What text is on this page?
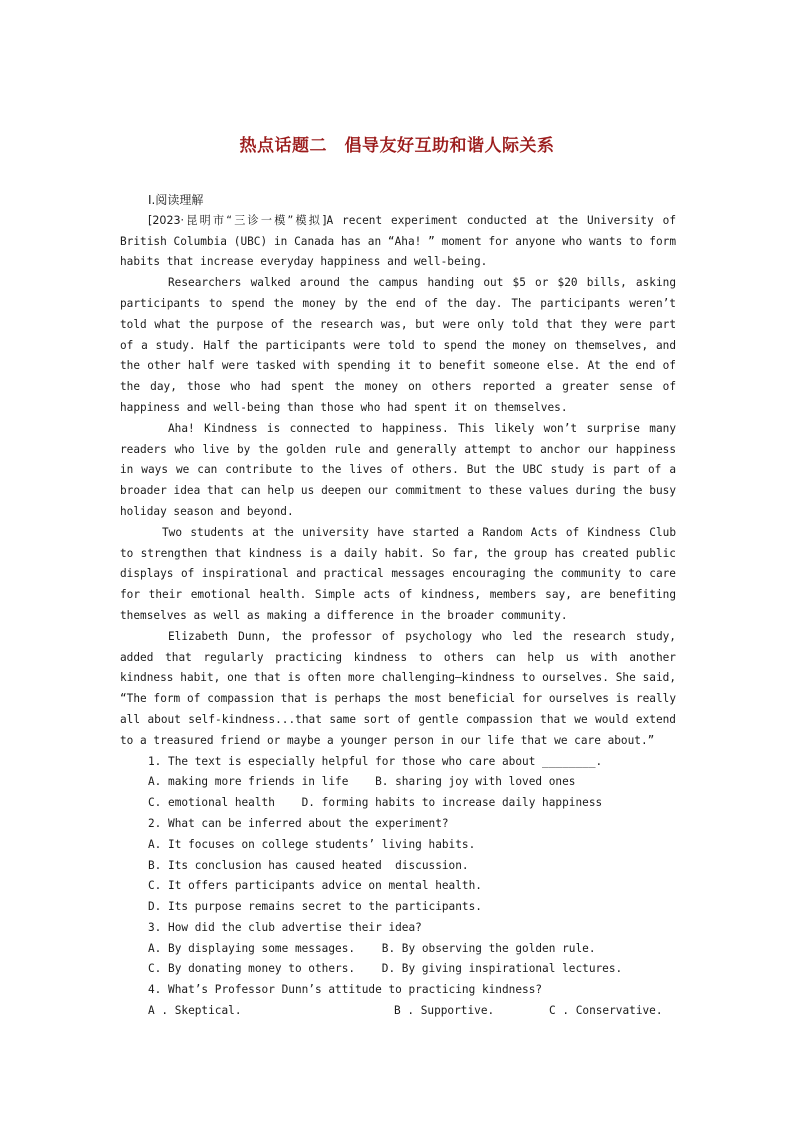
热点话题二　倡导友好互助和谐人际关系
Ⅰ.阅读理解

[2023·昆明市“三诊一模”模拟]A recent experiment conducted at the University of British Columbia (UBC) in Canada has an “Aha! ” moment for anyone who wants to form habits that increase everyday happiness and well-being.

Researchers walked around the campus handing out $5 or $20 bills, asking participants to spend the money by the end of the day. The participants weren’t told what the purpose of the research was, but were only told that they were part of a study. Half the participants were told to spend the money on themselves, and the other half were tasked with spending it to benefit someone else. At the end of the day, those who had spent the money on others reported a greater sense of happiness and well-being than those who had spent it on themselves.

Aha! Kindness is connected to happiness. This likely won’t surprise many readers who live by the golden rule and generally attempt to anchor our happiness in ways we can contribute to the lives of others. But the UBC study is part of a broader idea that can help us deepen our commitment to these values during the busy holiday season and beyond.

Two students at the university have started a Random Acts of Kindness Club to strengthen that kindness is a daily habit. So far, the group has created public displays of inspirational and practical messages encouraging the community to care for their emotional health. Simple acts of kindness, members say, are benefiting themselves as well as making a difference in the broader community.

Elizabeth Dunn, the professor of psychology who led the research study, added that regularly practicing kindness to others can help us with another kindness habit, one that is often more challenging—kindness to ourselves. She said, “The form of compassion that is perhaps the most beneficial for ourselves is really all about self-kindness...that same sort of gentle compassion that we would extend to a treasured friend or maybe a younger person in our life that we care about.”

1. The text is especially helpful for those who care about ________.
A. making more friends in life    B. sharing joy with loved ones
C. emotional health    D. forming habits to increase daily happiness
2. What can be inferred about the experiment?
A. It focuses on college students’ living habits.
B. Its conclusion has caused heated  discussion.
C. It offers participants advice on mental health.
D. Its purpose remains secret to the participants.
3. How did the club advertise their idea?
A. By displaying some messages.    B. By observing the golden rule.
C. By donating money to others.    D. By giving inspirational lectures.
4. What’s Professor Dunn’s attitude to practicing kindness?
A . Skeptical.	B . Supportive.	C . Conservative.
